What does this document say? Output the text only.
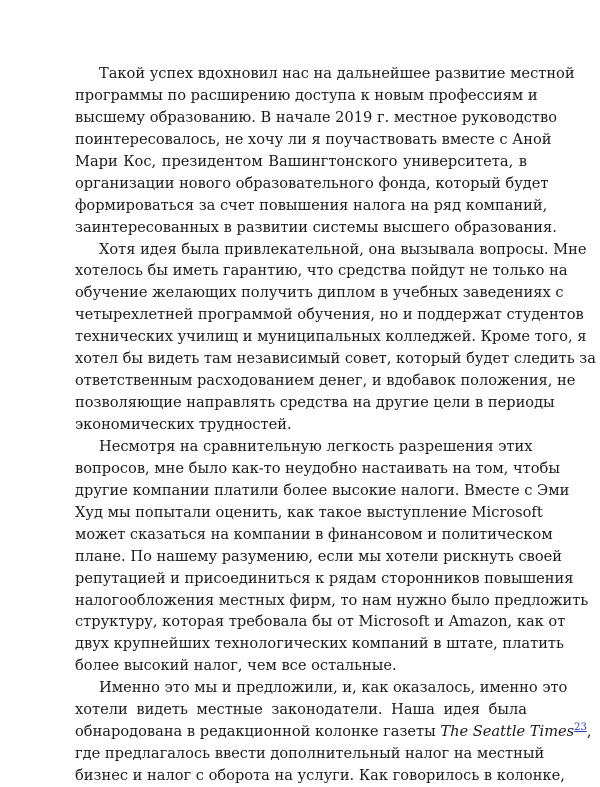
Такой успех вдохновил нас на дальнейшее развитие местной
программы по расширению доступа к новым профессиям и
высшему образованию. В начале 2019 г. местное руководство
поинтересовалось, не хочу ли я поучаствовать вместе с Аной
Мари Кос, президентом Вашингтонского университета, в
организации нового образовательного фонда, который будет
формироваться за счет повышения налога на ряд компаний,
заинтересованных в развитии системы высшего образования.
Хотя идея была привлекательной, она вызывала вопросы. Мне
хотелось бы иметь гарантию, что средства пойдут не только на
обучение желающих получить диплом в учебных заведениях с
четырехлетней программой обучения, но и поддержат студентов
технических училищ и муниципальных колледжей. Кроме того, я
хотел бы видеть там независимый совет, который будет следить за
ответственным расходованием денег, и вдобавок положения, не
позволяющие направлять средства на другие цели в периоды
экономических трудностей.
Несмотря на сравнительную легкость разрешения этих
вопросов, мне было как-то неудобно настаивать на том, чтобы
другие компании платили более высокие налоги. Вместе с Эми
Худ мы попытали оценить, как такое выступление Microsoft
может сказаться на компании в финансовом и политическом
плане. По нашему разумению, если мы хотели рискнуть своей
репутацией и присоединиться к рядам сторонников повышения
налогообложения местных фирм, то нам нужно было предложить
структуру, которая требовала бы от Microsoft и Amazon, как от
двух крупнейших технологических компаний в штате, платить
более высокий налог, чем все остальные.
Именно это мы и предложили, и, как оказалось, именно это
хотели видеть местные законодатели. Наша идея была
обнародована в редакционной колонке газеты The Seattle Times$^{23}$,
где предлагалось ввести дополнительный налог на местный
бизнес и налог с оборота на услуги. Как говорилось в колонке,
